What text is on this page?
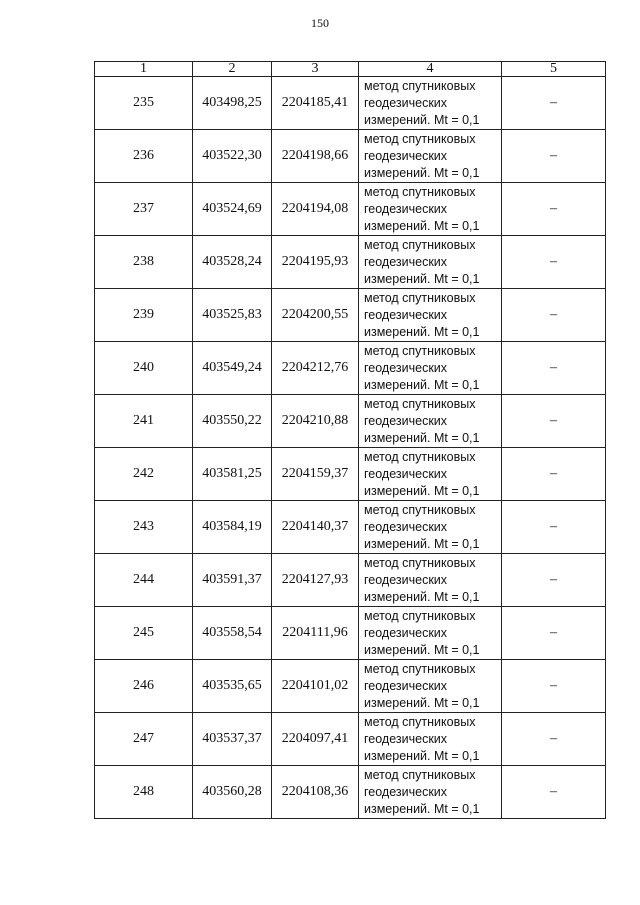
150
1	2	3	4	5
235	403498,25	2204185,41	метод спутниковых
геодезических
измерений. Mt = 0,1	–
236	403522,30	2204198,66	метод спутниковых
геодезических
измерений. Mt = 0,1	–
237	403524,69	2204194,08	метод спутниковых
геодезических
измерений. Mt = 0,1	–
238	403528,24	2204195,93	метод спутниковых
геодезических
измерений. Mt = 0,1	–
239	403525,83	2204200,55	метод спутниковых
геодезических
измерений. Mt = 0,1	–
240	403549,24	2204212,76	метод спутниковых
геодезических
измерений. Mt = 0,1	–
241	403550,22	2204210,88	метод спутниковых
геодезических
измерений. Mt = 0,1	–
242	403581,25	2204159,37	метод спутниковых
геодезических
измерений. Mt = 0,1	–
243	403584,19	2204140,37	метод спутниковых
геодезических
измерений. Mt = 0,1	–
244	403591,37	2204127,93	метод спутниковых
геодезических
измерений. Mt = 0,1	–
245	403558,54	2204111,96	метод спутниковых
геодезических
измерений. Mt = 0,1	–
246	403535,65	2204101,02	метод спутниковых
геодезических
измерений. Mt = 0,1	–
247	403537,37	2204097,41	метод спутниковых
геодезических
измерений. Mt = 0,1	–
248	403560,28	2204108,36	метод спутниковых
геодезических
измерений. Mt = 0,1	–
